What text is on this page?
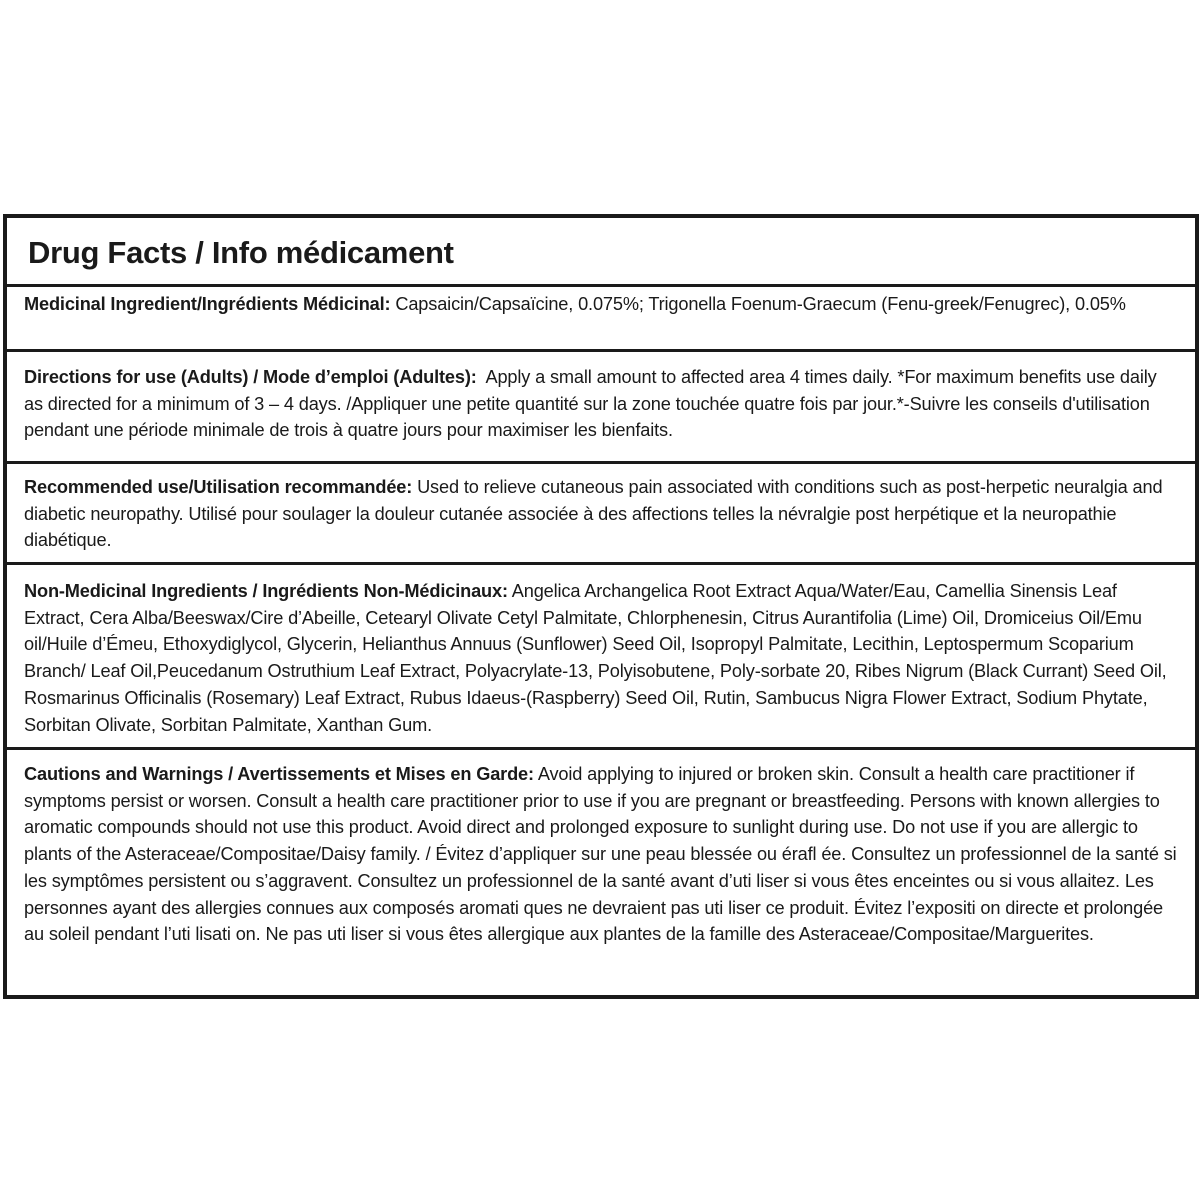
Drug Facts / Info médicament
Medicinal Ingredient/Ingrédients Médicinal: Capsaicin/Capsaïcine, 0.075%; Trigonella Foenum-Graecum (Fenu-greek/Fenugrec), 0.05%
Directions for use (Adults) / Mode d’emploi (Adultes):  Apply a small amount to affected area 4 times daily. *For maximum benefits use daily as directed for a minimum of 3 – 4 days. /Appliquer une petite quantité sur la zone touchée quatre fois par jour.*-Suivre les conseils d'utilisation pendant une période minimale de trois à quatre jours pour maximiser les bienfaits.
Recommended use/Utilisation recommandée: Used to relieve cutaneous pain associated with conditions such as post-herpetic neuralgia and diabetic neuropathy. Utilisé pour soulager la douleur cutanée associée à des affections telles la névralgie post herpétique et la neuropathie diabétique.
Non-Medicinal Ingredients / Ingrédients Non-Médicinaux: Angelica Archangelica Root Extract Aqua/Water/Eau, Camellia Sinensis Leaf Extract, Cera Alba/Beeswax/Cire d’Abeille, Cetearyl Olivate Cetyl Palmitate, Chlorphenesin, Citrus Aurantifolia (Lime) Oil, Dromiceius Oil/Emu oil/Huile d’Émeu, Ethoxydiglycol, Glycerin, Helianthus Annuus (Sunflower) Seed Oil, Isopropyl Palmitate, Lecithin, Leptospermum Scoparium Branch/ Leaf Oil,Peucedanum Ostruthium Leaf Extract, Polyacrylate-13, Polyisobutene, Poly-sorbate 20, Ribes Nigrum (Black Currant) Seed Oil, Rosmarinus Officinalis (Rosemary) Leaf Extract, Rubus Idaeus-(Raspberry) Seed Oil, Rutin, Sambucus Nigra Flower Extract, Sodium Phytate, Sorbitan Olivate, Sorbitan Palmitate, Xanthan Gum.
Cautions and Warnings / Avertissements et Mises en Garde: Avoid applying to injured or broken skin. Consult a health care practitioner if symptoms persist or worsen. Consult a health care practitioner prior to use if you are pregnant or breastfeeding. Persons with known allergies to aromatic compounds should not use this product. Avoid direct and prolonged exposure to sunlight during use. Do not use if you are allergic to plants of the Asteraceae/Compositae/Daisy family. / Évitez d’appliquer sur une peau blessée ou érafl ée. Consultez un professionnel de la santé si les symptômes persistent ou s’aggravent. Consultez un professionnel de la santé avant d’uti liser si vous êtes enceintes ou si vous allaitez. Les personnes ayant des allergies connues aux composés aromati ques ne devraient pas uti liser ce produit. Évitez l’expositi on directe et prolongée au soleil pendant l’uti lisati on. Ne pas uti liser si vous êtes allergique aux plantes de la famille des Asteraceae/Compositae/Marguerites.
